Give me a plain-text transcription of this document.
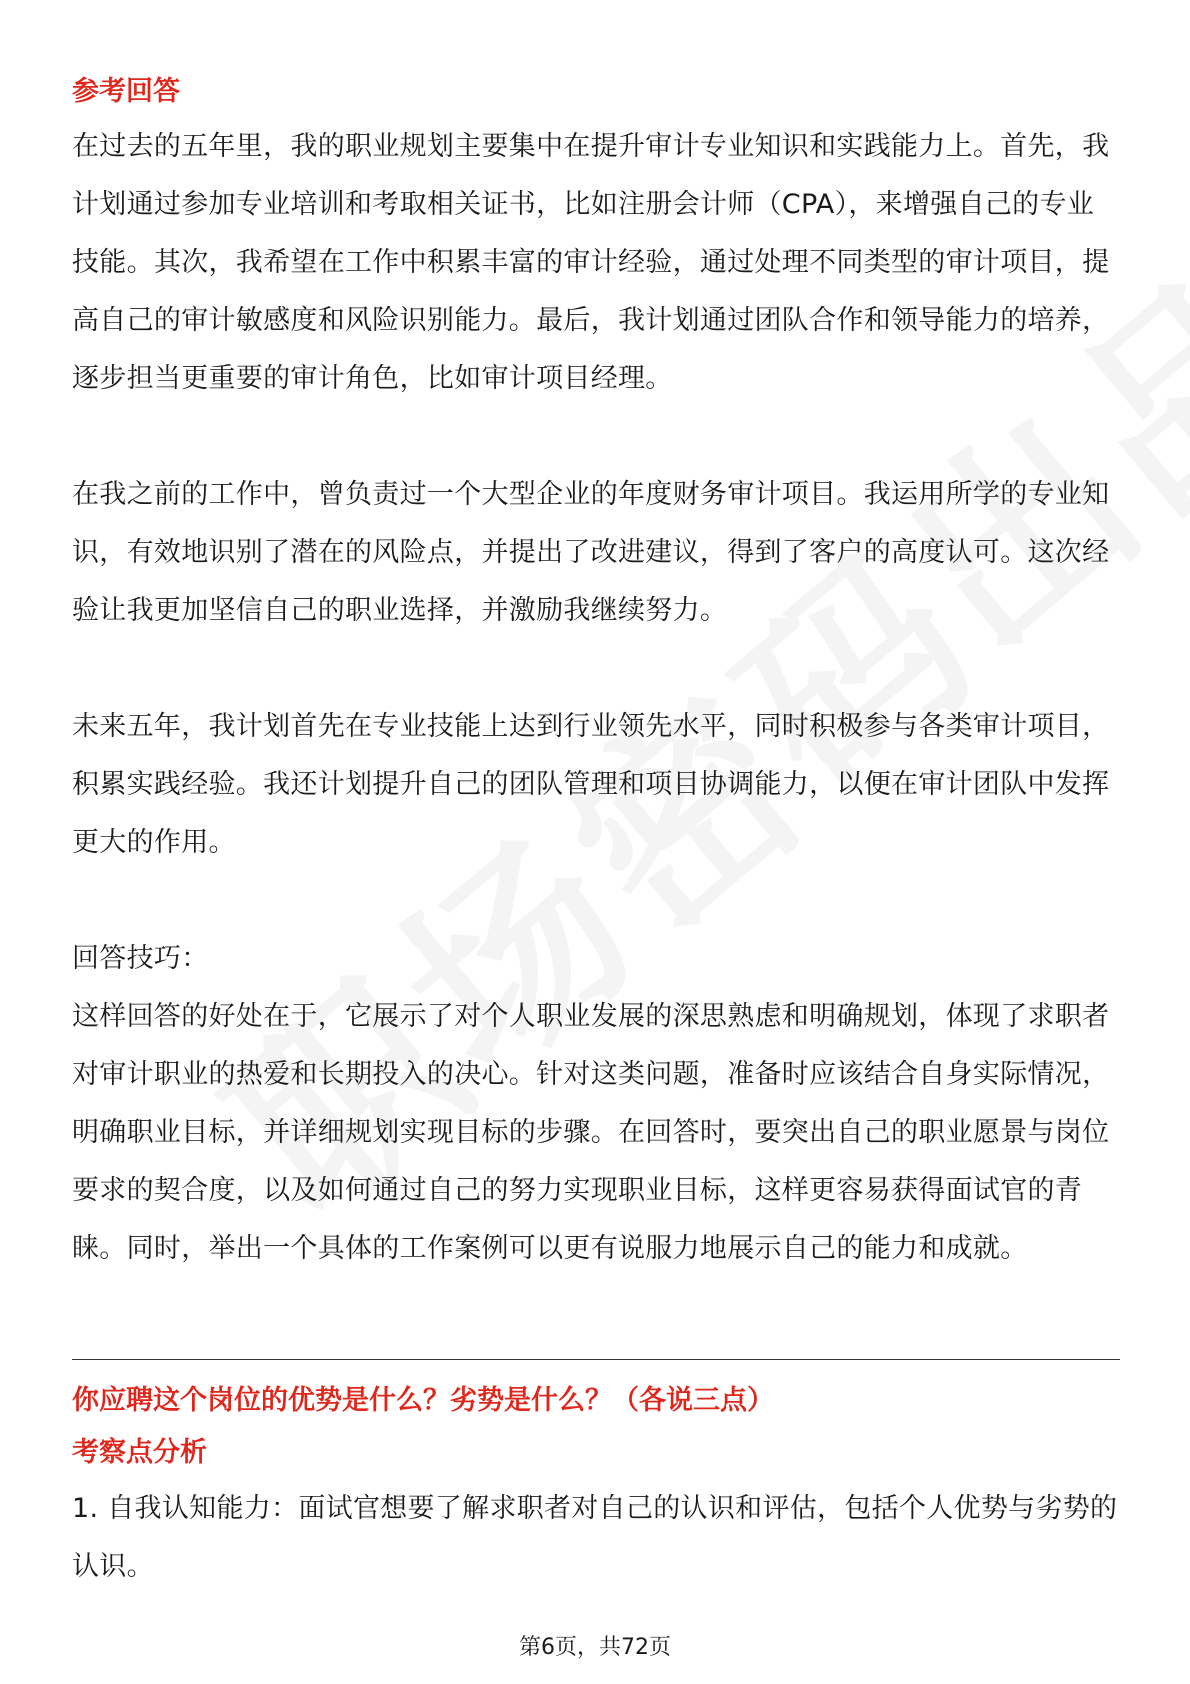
参考回答

在过去的五年里，我的职业规划主要集中在提升审计专业知识和实践能力上。首先，我计划通过参加专业培训和考取相关证书，比如注册会计师（CPA），来增强自己的专业技能。其次，我希望在工作中积累丰富的审计经验，通过处理不同类型的审计项目，提高自己的审计敏感度和风险识别能力。最后，我计划通过团队合作和领导能力的培养，逐步担当更重要的审计角色，比如审计项目经理。

在我之前的工作中，曾负责过一个大型企业的年度财务审计项目。我运用所学的专业知识，有效地识别了潜在的风险点，并提出了改进建议，得到了客户的高度认可。这次经验让我更加坚信自己的职业选择，并激励我继续努力。

未来五年，我计划首先在专业技能上达到行业领先水平，同时积极参与各类审计项目，积累实践经验。我还计划提升自己的团队管理和项目协调能力，以便在审计团队中发挥更大的作用。

回答技巧：

这样回答的好处在于，它展示了对个人职业发展的深思熟虑和明确规划，体现了求职者对审计职业的热爱和长期投入的决心。针对这类问题，准备时应该结合自身实际情况，明确职业目标，并详细规划实现目标的步骤。在回答时，要突出自己的职业愿景与岗位要求的契合度，以及如何通过自己的努力实现职业目标，这样更容易获得面试官的青睐。同时，举出一个具体的工作案例可以更有说服力地展示自己的能力和成就。

你应聘这个岗位的优势是什么？劣势是什么？（各说三点）

考察点分析

1. 自我认知能力：面试官想要了解求职者对自己的认识和评估，包括个人优势与劣势的认识。

第6页，共72页
